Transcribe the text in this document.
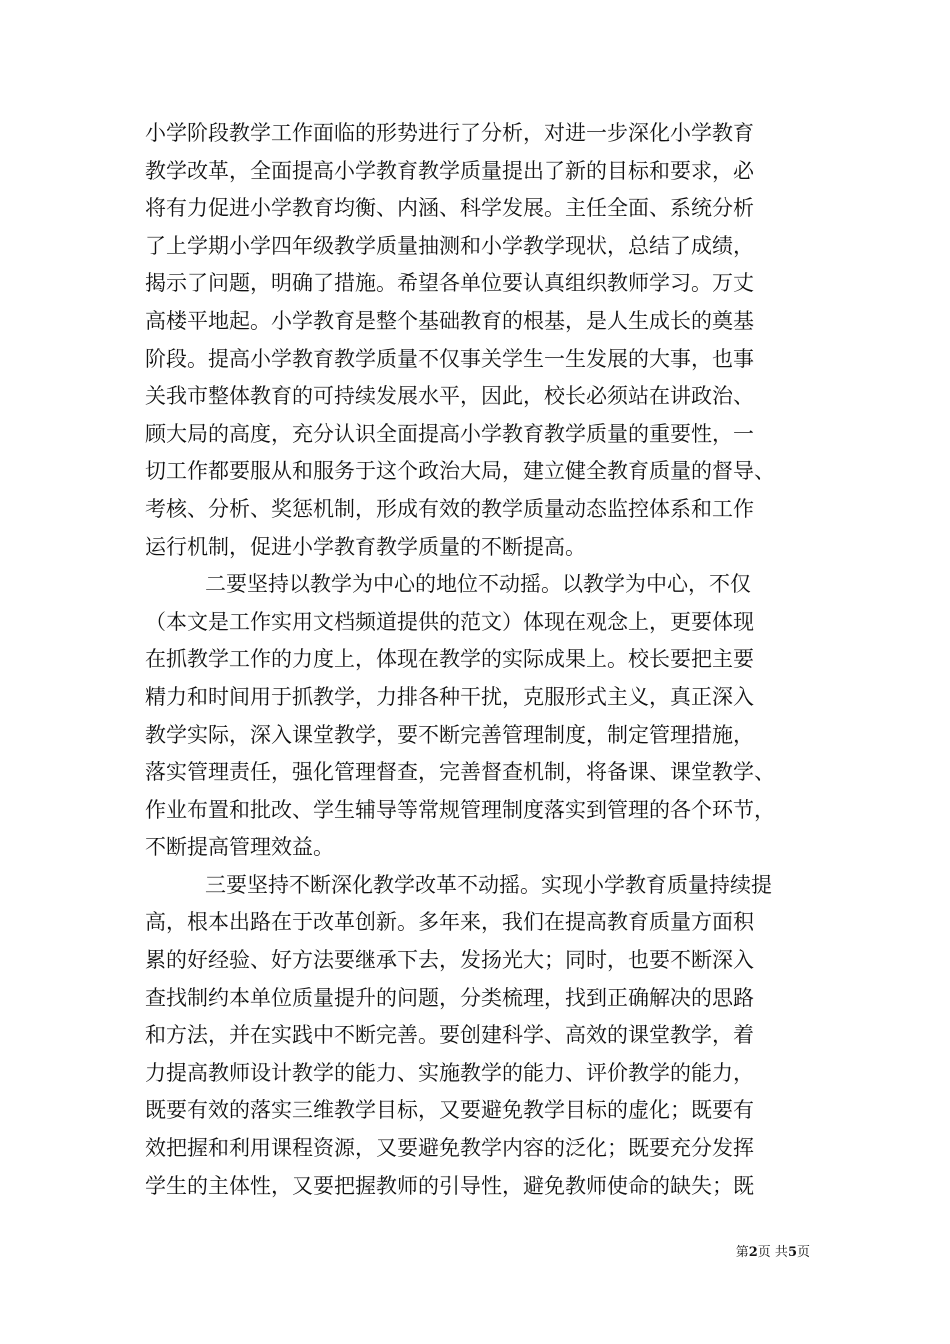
小学阶段教学工作面临的形势进行了分析，对进一步深化小学教育
教学改革，全面提高小学教育教学质量提出了新的目标和要求，必
将有力促进小学教育均衡、内涵、科学发展。主任全面、系统分析
了上学期小学四年级教学质量抽测和小学教学现状，总结了成绩，
揭示了问题，明确了措施。希望各单位要认真组织教师学习。万丈
高楼平地起。小学教育是整个基础教育的根基，是人生成长的奠基
阶段。提高小学教育教学质量不仅事关学生一生发展的大事，也事
关我市整体教育的可持续发展水平，因此，校长必须站在讲政治、
顾大局的高度，充分认识全面提高小学教育教学质量的重要性，一
切工作都要服从和服务于这个政治大局，建立健全教育质量的督导、
考核、分析、奖惩机制，形成有效的教学质量动态监控体系和工作
运行机制，促进小学教育教学质量的不断提高。
二要坚持以教学为中心的地位不动摇。以教学为中心，不仅
（本文是工作实用文档频道提供的范文）体现在观念上，更要体现
在抓教学工作的力度上，体现在教学的实际成果上。校长要把主要
精力和时间用于抓教学，力排各种干扰，克服形式主义，真正深入
教学实际，深入课堂教学，要不断完善管理制度，制定管理措施，
落实管理责任，强化管理督查，完善督查机制，将备课、课堂教学、
作业布置和批改、学生辅导等常规管理制度落实到管理的各个环节，
不断提高管理效益。
三要坚持不断深化教学改革不动摇。实现小学教育质量持续提
高，根本出路在于改革创新。多年来，我们在提高教育质量方面积
累的好经验、好方法要继承下去，发扬光大；同时，也要不断深入
查找制约本单位质量提升的问题，分类梳理，找到正确解决的思路
和方法，并在实践中不断完善。要创建科学、高效的课堂教学，着
力提高教师设计教学的能力、实施教学的能力、评价教学的能力，
既要有效的落实三维教学目标，又要避免教学目标的虚化；既要有
效把握和利用课程资源，又要避免教学内容的泛化；既要充分发挥
学生的主体性，又要把握教师的引导性，避免教师使命的缺失；既
第2页 共5页
